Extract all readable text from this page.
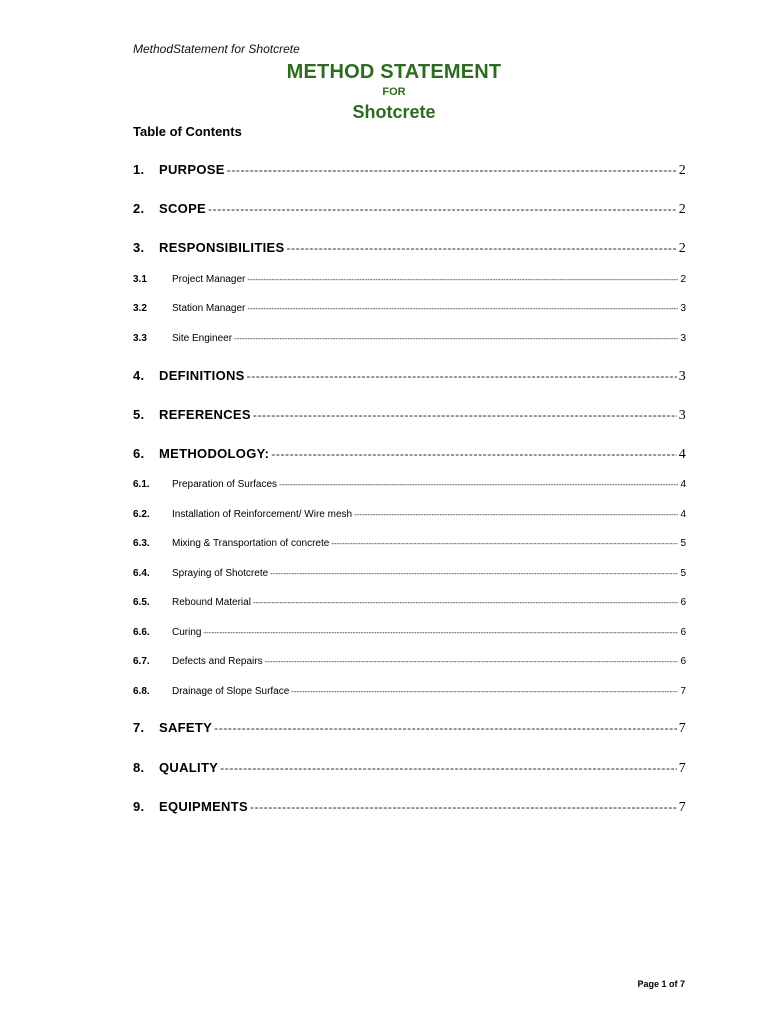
MethodStatement for Shotcrete
METHOD STATEMENT
FOR
Shotcrete
Table of Contents
1.	PURPOSE -----	2
2.	SCOPE -----	2
3.	RESPONSIBILITIES -----	2
3.1	Project Manager -----	2
3.2	Station Manager -----	3
3.3	Site Engineer -----	3
4.	DEFINITIONS -----	3
5.	REFERENCES -----	3
6.	METHODOLOGY: -----	4
6.1.	Preparation of Surfaces -----	4
6.2.	Installation of Reinforcement/ Wire mesh -----	4
6.3.	Mixing & Transportation of concrete -----	5
6.4.	Spraying of Shotcrete -----	5
6.5.	Rebound Material -----	6
6.6.	Curing -----	6
6.7.	Defects and Repairs -----	6
6.8.	Drainage of Slope Surface -----	7
7.	SAFETY -----	7
8.	QUALITY -----	7
9.	EQUIPMENTS -----	7
Page 1 of 7
